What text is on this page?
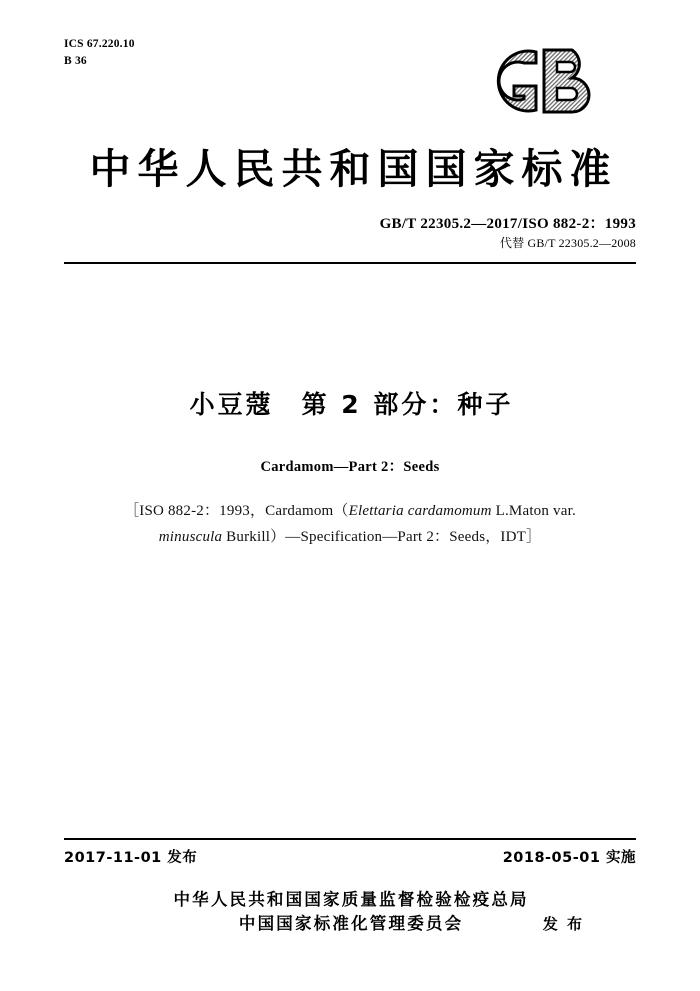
ICS 67.220.10
B 36
中华人民共和国国家标准
GB/T 22305.2—2017/ISO 882-2：1993
代替 GB/T 22305.2—2008
小豆蔻　第 2 部分：种子
Cardamom—Part 2：Seeds
［ISO 882-2：1993，Cardamom（Elettaria cardamomum L.Maton var.
minuscula Burkill）—Specification—Part 2：Seeds，IDT］
2017-11-01 发布	2018-05-01 实施
中华人民共和国国家质量监督检验检疫总局
中国国家标准化管理委员会	发 布
